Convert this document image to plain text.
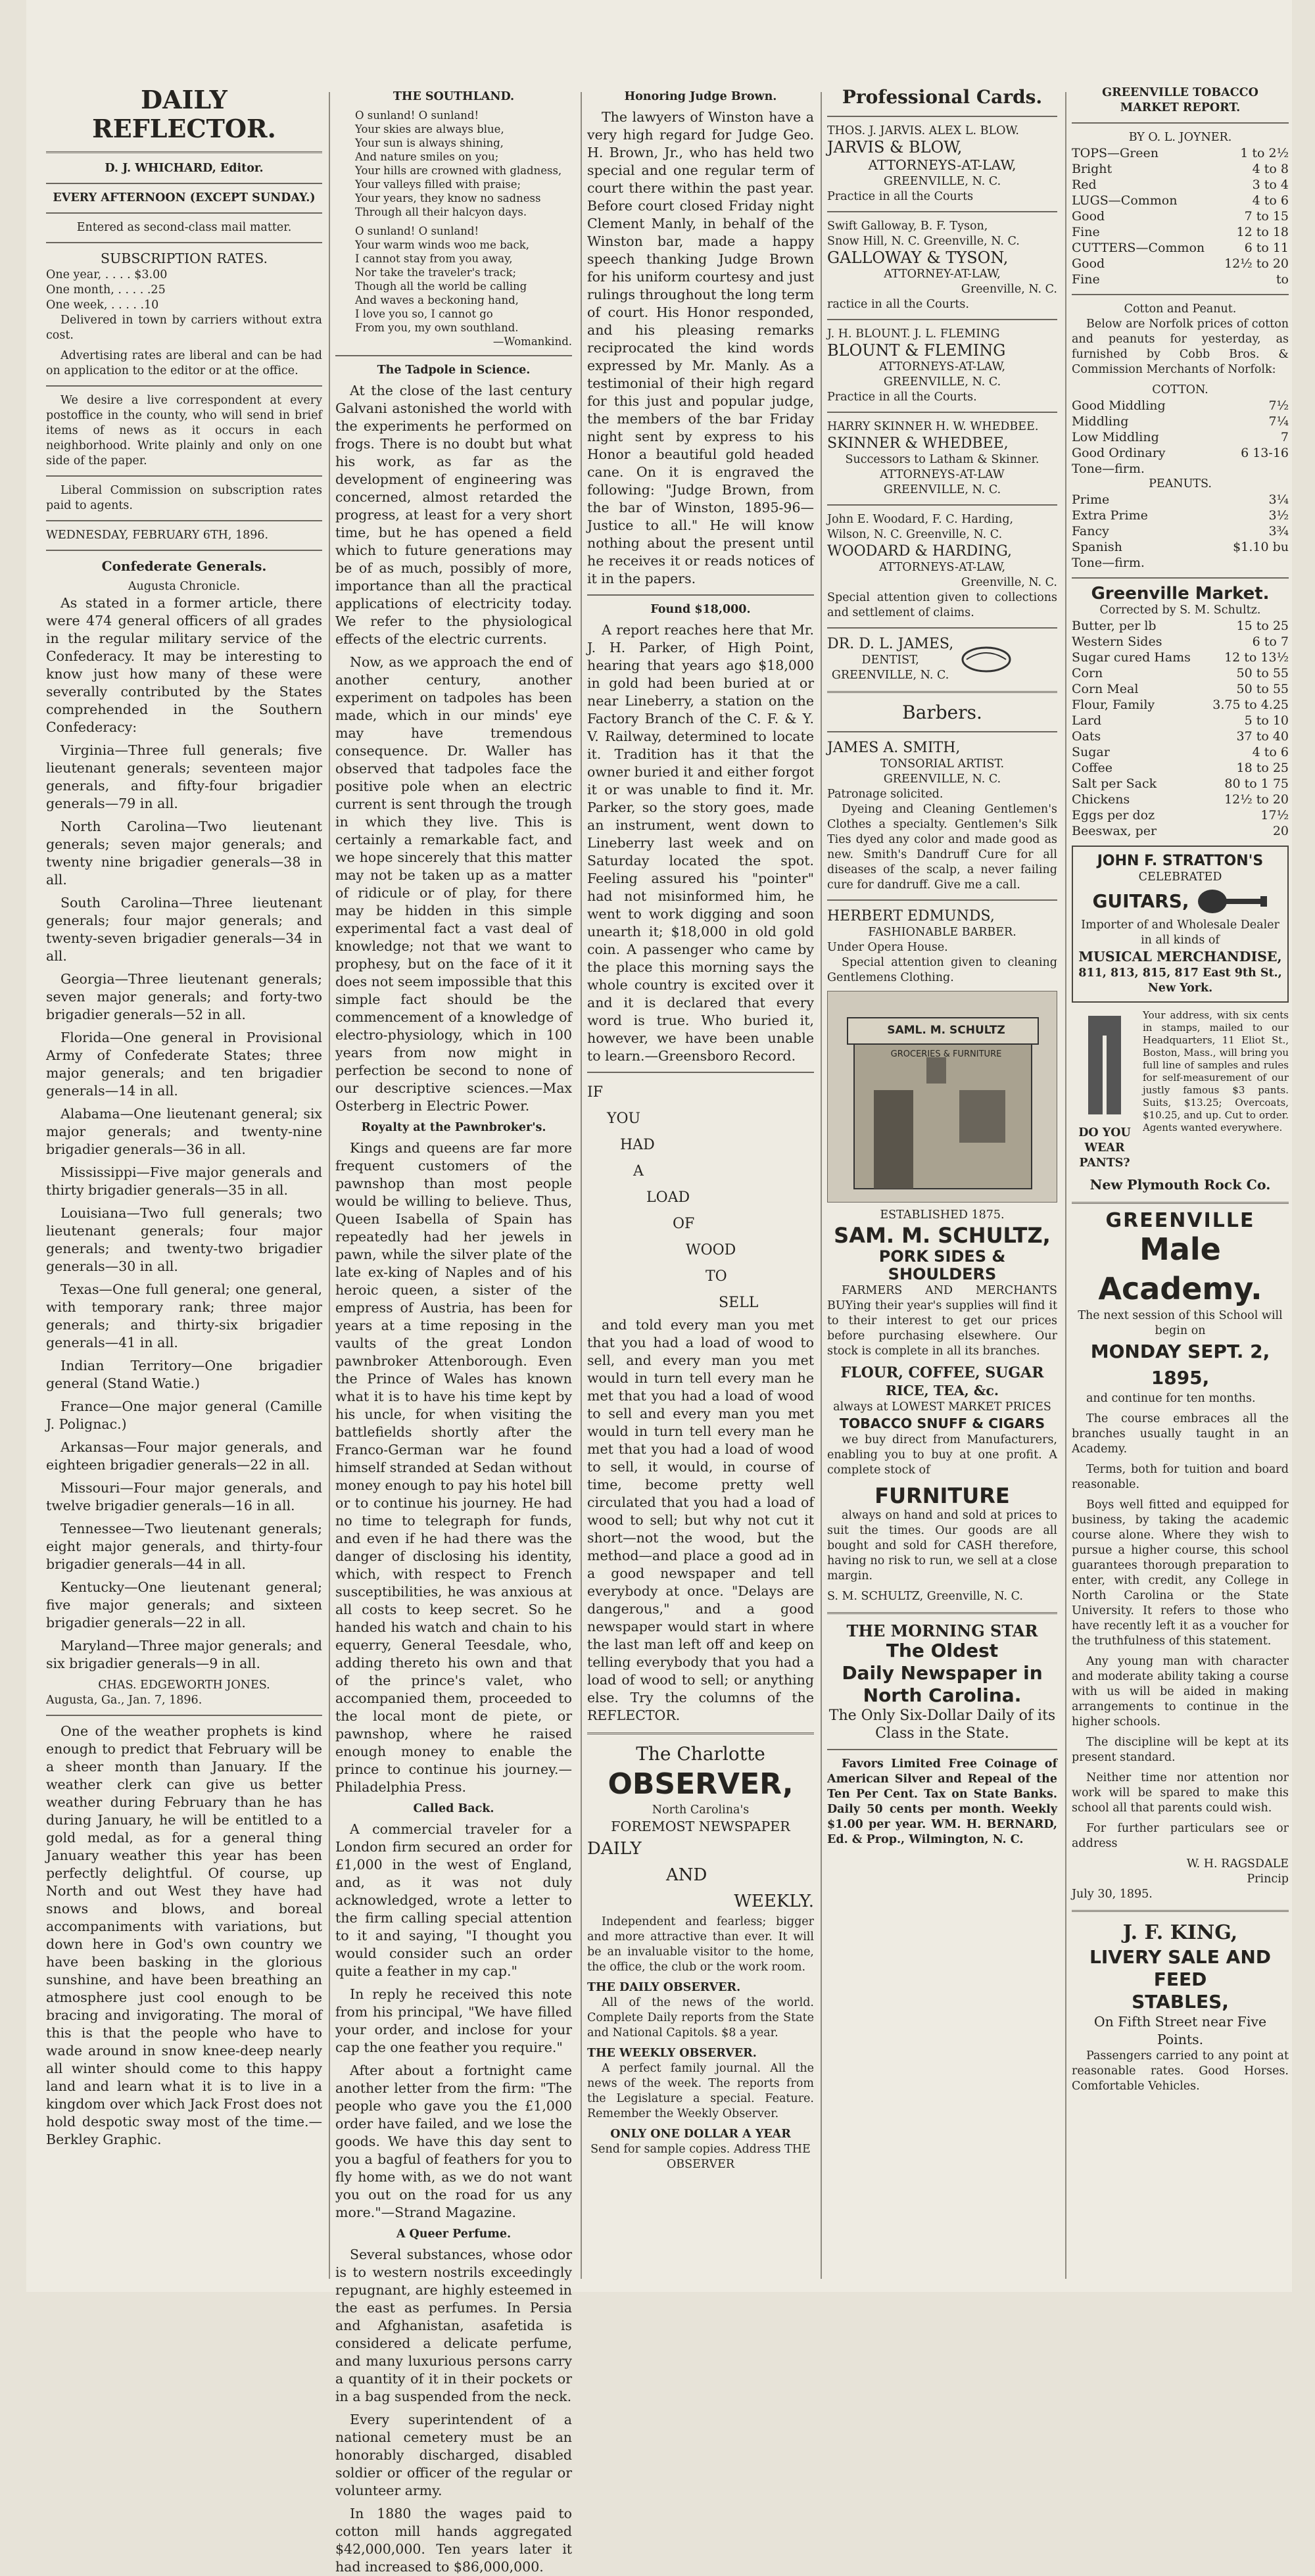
DAILY REFLECTOR.
D. J. WHICHARD, Editor.
EVERY AFTERNOON (EXCEPT SUNDAY.)
Entered as second-class mail matter.
SUBSCRIPTION RATES.
One year, . . . . $3.00
One month, . . . . .25
One week, . . . . .10

Delivered in town by carriers without extra cost.

Advertising rates are liberal and can be had on application to the editor or at the office.

We desire a live correspondent at every postoffice in the county, who will send in brief items of news as it occurs in each neighborhood. Write plainly and only on one side of the paper.

Liberal Commission on subscription rates paid to agents.

WEDNESDAY, FEBRUARY 6TH, 1896.
Confederate Generals.
Augusta Chronicle.

As stated in a former article, there were 474 general officers of all grades in the regular military service of the Confederacy. It may be interesting to know just how many of these were severally contributed by the States comprehended in the Southern Confederacy:

Virginia—Three full generals; five lieutenant generals; seventeen major generals, and fifty-four brigadier generals—79 in all.

North Carolina—Two lieutenant generals; seven major generals; and twenty nine brigadier generals—38 in all.

South Carolina—Three lieutenant generals; four major generals; and twenty-seven brigadier generals—34 in all.

Georgia—Three lieutenant generals; seven major generals; and forty-two brigadier generals—52 in all.

Florida—One general in Provisional Army of Confederate States; three major generals; and ten brigadier generals—14 in all.

Alabama—One lieutenant general; six major generals; and twenty-nine brigadier generals—36 in all.

Mississippi—Five major generals and thirty brigadier generals—35 in all.

Louisiana—Two full generals; two lieutenant generals; four major generals; and twenty-two brigadier generals—30 in all.

Texas—One full general; one general, with temporary rank; three major generals; and thirty-six brigadier generals—41 in all.

Indian Territory—One brigadier general (Stand Watie.)

France—One major general (Camille J. Polignac.)

Arkansas—Four major generals, and eighteen brigadier generals—22 in all.

Missouri—Four major generals, and twelve brigadier generals—16 in all.

Tennessee—Two lieutenant generals; eight major generals, and thirty-four brigadier generals—44 in all.

Kentucky—One lieutenant general; five major generals; and sixteen brigadier generals—22 in all.

Maryland—Three major generals; and six brigadier generals—9 in all.

CHAS. EDGEWORTH JONES.
Augusta, Ga., Jan. 7, 1896.

One of the weather prophets is kind enough to predict that February will be a sheer month than January. If the weather clerk can give us better weather during February than he has during January, he will be entitled to a gold medal, as for a general thing January weather this year has been perfectly delightful. Of course, up North and out West they have had snows and blows, and boreal accompaniments with variations, but down here in God's own country we have been basking in the glorious sunshine, and have been breathing an atmosphere just cool enough to be bracing and invigorating. The moral of this is that the people who have to wade around in snow knee-deep nearly all winter should come to this happy land and learn what it is to live in a kingdom over which Jack Frost does not hold despotic sway most of the time.—Berkley Graphic.

THE SOUTHLAND.
O sunland! O sunland!
Your skies are always blue,
Your sun is always shining,
And nature smiles on you;
Your hills are crowned with gladness,
Your valleys filled with praise;
Your years, they know no sadness
Through all their halcyon days.
O sunland! O sunland!
Your warm winds woo me back,
I cannot stay from you away,
Nor take the traveler's track;
Though all the world be calling
And waves a beckoning hand,
I love you so, I cannot go
From you, my own southland.
—Womankind.
The Tadpole in Science.

At the close of the last century Galvani astonished the world with the experiments he performed on frogs. There is no doubt but what his work, as far as the development of engineering was concerned, almost retarded the progress, at least for a very short time, but he has opened a field which to future generations may be of as much, possibly of more, importance than all the practical applications of electricity today. We refer to the physiological effects of the electric currents.

Now, as we approach the end of another century, another experiment on tadpoles has been made, which in our minds' eye may have tremendous consequence. Dr. Waller has observed that tadpoles face the positive pole when an electric current is sent through the trough in which they live. This is certainly a remarkable fact, and we hope sincerely that this matter may not be taken up as a matter of ridicule or of play, for there may be hidden in this simple experimental fact a vast deal of knowledge; not that we want to prophesy, but on the face of it it does not seem impossible that this simple fact should be the commencement of a knowledge of electro-physiology, which in 100 years from now might in perfection be second to none of our descriptive sciences.—Max Osterberg in Electric Power.

Royalty at the Pawnbroker's.

Kings and queens are far more frequent customers of the pawnshop than most people would be willing to believe. Thus, Queen Isabella of Spain has repeatedly had her jewels in pawn, while the silver plate of the late ex-king of Naples and of his heroic queen, a sister of the empress of Austria, has been for years at a time reposing in the vaults of the great London pawnbroker Attenborough. Even the Prince of Wales has known what it is to have his time kept by his uncle, for when visiting the battlefields shortly after the Franco-German war he found himself stranded at Sedan without money enough to pay his hotel bill or to continue his journey. He had no time to telegraph for funds, and even if he had there was the danger of disclosing his identity, which, with respect to French susceptibilities, he was anxious at all costs to keep secret. So he handed his watch and chain to his equerry, General Teesdale, who, adding thereto his own and that of the prince's valet, who accompanied them, proceeded to the local mont de piete, or pawnshop, where he raised enough money to enable the prince to continue his journey.—Philadelphia Press.

Called Back.

A commercial traveler for a London firm secured an order for £1,000 in the west of England, and, as it was not duly acknowledged, wrote a letter to the firm calling special attention to it and saying, "I thought you would consider such an order quite a feather in my cap."

In reply he received this note from his principal, "We have filled your order, and inclose for your cap the one feather you require."

After about a fortnight came another letter from the firm: "The people who gave you the £1,000 order have failed, and we lose the goods. We have this day sent to you a bagful of feathers for you to fly home with, as we do not want you out on the road for us any more."—Strand Magazine.

A Queer Perfume.

Several substances, whose odor is to western nostrils exceedingly repugnant, are highly esteemed in the east as perfumes. In Persia and Afghanistan, asafetida is considered a delicate perfume, and many luxurious persons carry a quantity of it in their pockets or in a bag suspended from the neck.

Every superintendent of a national cemetery must be an honorably discharged, disabled soldier or officer of the regular or volunteer army.

In 1880 the wages paid to cotton mill hands aggregated $42,000,000. Ten years later it had increased to $86,000,000.

Honoring Judge Brown.

The lawyers of Winston have a very high regard for Judge Geo. H. Brown, Jr., who has held two special and one regular term of court there within the past year. Before court closed Friday night Clement Manly, in behalf of the Winston bar, made a happy speech thanking Judge Brown for his uniform courtesy and just rulings throughout the long term of court. His Honor responded, and his pleasing remarks reciprocated the kind words expressed by Mr. Manly. As a testimonial of their high regard for this just and popular judge, the members of the bar Friday night sent by express to his Honor a beautiful gold headed cane. On it is engraved the following: "Judge Brown, from the bar of Winston, 1895-96—Justice to all." He will know nothing about the present until he receives it or reads notices of it in the papers.

Found $18,000.

A report reaches here that Mr. J. H. Parker, of High Point, hearing that years ago $18,000 in gold had been buried at or near Lineberry, a station on the Factory Branch of the C. F. & Y. V. Railway, determined to locate it. Tradition has it that the owner buried it and either forgot it or was unable to find it. Mr. Parker, so the story goes, made an instrument, went down to Lineberry last week and on Saturday located the spot. Feeling assured his "pointer" had not misinformed him, he went to work digging and soon unearth it; $18,000 in old gold coin. A passenger who came by the place this morning says the whole country is excited over it and it is declared that every word is true. Who buried it, however, we have been unable to learn.—Greensboro Record.

IF
YOU
HAD
A
LOAD
OF
WOOD
TO
SELL

and told every man you met that you had a load of wood to sell, and every man you met would in turn tell every man he met that you had a load of wood to sell and every man you met would in turn tell every man he met that you had a load of wood to sell, it would, in course of time, become pretty well circulated that you had a load of wood to sell; but why not cut it short—not the wood, but the method—and place a good ad in a good newspaper and tell everybody at once. "Delays are dangerous," and a good newspaper would start in where the last man left off and keep on telling everybody that you had a load of wood to sell; or anything else. Try the columns of the REFLECTOR.

The Charlotte
OBSERVER,
North Carolina's
FOREMOST NEWSPAPER
DAILY
AND
WEEKLY.

Independent and fearless; bigger and more attractive than ever. It will be an invaluable visitor to the home, the office, the club or the work room.

THE DAILY OBSERVER.

All of the news of the world. Complete Daily reports from the State and National Capitols. $8 a year.

THE WEEKLY OBSERVER.

A perfect family journal. All the news of the week. The reports from the Legislature a special. Feature. Remember the Weekly Observer.

ONLY ONE DOLLAR A YEAR
Send for sample copies. Address THE OBSERVER
Professional Cards.
THOS. J. JARVIS. ALEX L. BLOW.
JARVIS & BLOW,
ATTORNEYS-AT-LAW,
GREENVILLE, N. C.
Practice in all the Courts
Swift Galloway, B. F. Tyson,
Snow Hill, N. C. Greenville, N. C.
GALLOWAY & TYSON,
ATTORNEY-AT-LAW,
Greenville, N. C.
ractice in all the Courts.
J. H. BLOUNT. J. L. FLEMING
BLOUNT & FLEMING
ATTORNEYS-AT-LAW,
GREENVILLE, N. C.
Practice in all the Courts.
HARRY SKINNER H. W. WHEDBEE.
SKINNER & WHEDBEE,
Successors to Latham & Skinner.
ATTORNEYS-AT-LAW
GREENVILLE, N. C.
John E. Woodard, F. C. Harding,
Wilson, N. C. Greenville, N. C.
WOODARD & HARDING,
ATTORNEYS-AT-LAW,
Greenville, N. C.
Special attention given to collections and settlement of claims.
DR. D. L. JAMES,
DENTIST,
GREENVILLE, N. C.
Barbers.
JAMES A. SMITH,
TONSORIAL ARTIST.
GREENVILLE, N. C.
Patronage solicited.

Dyeing and Cleaning Gentlemen's Clothes a specialty. Gentlemen's Silk Ties dyed any color and made good as new. Smith's Dandruff Cure for all diseases of the scalp, a never failing cure for dandruff. Give me a call.

HERBERT EDMUNDS,
FASHIONABLE BARBER.
Under Opera House.

Special attention given to cleaning Gentlemens Clothing.

SAML. M. SCHULTZ
GROCERIES & FURNITURE
ESTABLISHED 1875.
SAM. M. SCHULTZ,
PORK SIDES & SHOULDERS

FARMERS AND MERCHANTS BUYing their year's supplies will find it to their interest to get our prices before purchasing elsewhere. Our stock is complete in all its branches.

FLOUR, COFFEE, SUGAR
RICE, TEA, &c.
always at LOWEST MARKET PRICES
TOBACCO SNUFF & CIGARS

we buy direct from Manufacturers, enabling you to buy at one profit. A complete stock of

FURNITURE

always on hand and sold at prices to suit the times. Our goods are all bought and sold for CASH therefore, having no risk to run, we sell at a close margin.

S. M. SCHULTZ, Greenville, N. C.
THE MORNING STAR
The Oldest
Daily Newspaper in
North Carolina.
The Only Six-Dollar Daily of its Class in the State.

Favors Limited Free Coinage of American Silver and Repeal of the Ten Per Cent. Tax on State Banks. Daily 50 cents per month. Weekly $1.00 per year. WM. H. BERNARD, Ed. & Prop., Wilmington, N. C.

GREENVILLE TOBACCO MARKET REPORT.
BY O. L. JOYNER.
TOPS—Green	1 to 2½
Bright	4 to 8
Red	3 to 4
LUGS—Common	4 to 6
Good	7 to 15
Fine	12 to 18
CUTTERS—Common	6 to 11
Good	12½ to 20
Fine	to
Cotton and Peanut.

Below are Norfolk prices of cotton and peanuts for yesterday, as furnished by Cobb Bros. & Commission Merchants of Norfolk:

COTTON.
Good Middling	7½
Middling	7¼
Low Middling	7
Good Ordinary	6 13-16
Tone—firm.
PEANUTS.
Prime	3¼
Extra Prime	3½
Fancy	3¾
Spanish	$1.10 bu
Tone—firm.
Greenville Market.
Corrected by S. M. Schultz.
Butter, per lb	15 to 25
Western Sides	6 to 7
Sugar cured Hams	12 to 13½
Corn	50 to 55
Corn Meal	50 to 55
Flour, Family	3.75 to 4.25
Lard	5 to 10
Oats	37 to 40
Sugar	4 to 6
Coffee	18 to 25
Salt per Sack	80 to 1 75
Chickens	12½ to 20
Eggs per doz	17½
Beeswax, per	20
JOHN F. STRATTON'S
CELEBRATED
GUITARS,
Importer of and Wholesale Dealer in all kinds of
MUSICAL MERCHANDISE,
811, 813, 815, 817 East 9th St., New York.
DO YOU WEAR PANTS?
Your address, with six cents in stamps, mailed to our Headquarters, 11 Eliot St., Boston, Mass., will bring you full line of samples and rules for self-measurement of our justly famous $3 pants. Suits, $13.25; Overcoats, $10.25, and up. Cut to order. Agents wanted everywhere.
New Plymouth Rock Co.
GREENVILLE
Male Academy.
The next session of this School will begin on
MONDAY SEPT. 2, 1895,

and continue for ten months.

The course embraces all the branches usually taught in an Academy.

Terms, both for tuition and board reasonable.

Boys well fitted and equipped for business, by taking the academic course alone. Where they wish to pursue a higher course, this school guarantees thorough preparation to enter, with credit, any College in North Carolina or the State University. It refers to those who have recently left it as a voucher for the truthfulness of this statement.

Any young man with character and moderate ability taking a course with us will be aided in making arrangements to continue in the higher schools.

The discipline will be kept at its present standard.

Neither time nor attention nor work will be spared to make this school all that parents could wish.

For further particulars see or address

W. H. RAGSDALE
Princip
July 30, 1895.
J. F. KING,
LIVERY SALE AND FEED
STABLES,
On Fifth Street near Five Points.

Passengers carried to any point at reasonable rates. Good Horses. Comfortable Vehicles.
